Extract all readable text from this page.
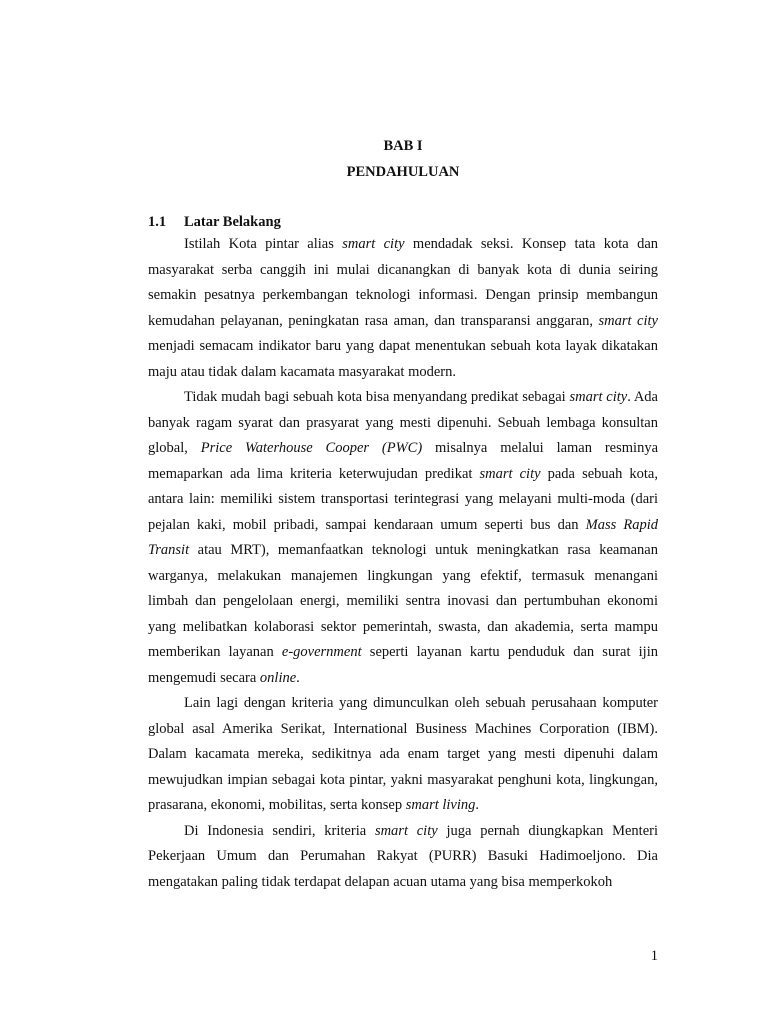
BAB I
PENDAHULUAN
1.1 Latar Belakang

Istilah Kota pintar alias smart city mendadak seksi. Konsep tata kota dan masyarakat serba canggih ini mulai dicanangkan di banyak kota di dunia seiring semakin pesatnya perkembangan teknologi informasi. Dengan prinsip membangun kemudahan pelayanan, peningkatan rasa aman, dan transparansi anggaran, smart city menjadi semacam indikator baru yang dapat menentukan sebuah kota layak dikatakan maju atau tidak dalam kacamata masyarakat modern.

Tidak mudah bagi sebuah kota bisa menyandang predikat sebagai smart city. Ada banyak ragam syarat dan prasyarat yang mesti dipenuhi. Sebuah lembaga konsultan global, Price Waterhouse Cooper (PWC) misalnya melalui laman resminya memaparkan ada lima kriteria keterwujudan predikat smart city pada sebuah kota, antara lain: memiliki sistem transportasi terintegrasi yang melayani multi-moda (dari pejalan kaki, mobil pribadi, sampai kendaraan umum seperti bus dan Mass Rapid Transit atau MRT), memanfaatkan teknologi untuk meningkatkan rasa keamanan warganya, melakukan manajemen lingkungan yang efektif, termasuk menangani limbah dan pengelolaan energi, memiliki sentra inovasi dan pertumbuhan ekonomi yang melibatkan kolaborasi sektor pemerintah, swasta, dan akademia, serta mampu memberikan layanan e-government seperti layanan kartu penduduk dan surat ijin mengemudi secara online.

Lain lagi dengan kriteria yang dimunculkan oleh sebuah perusahaan komputer global asal Amerika Serikat, International Business Machines Corporation (IBM). Dalam kacamata mereka, sedikitnya ada enam target yang mesti dipenuhi dalam mewujudkan impian sebagai kota pintar, yakni masyarakat penghuni kota, lingkungan, prasarana, ekonomi, mobilitas, serta konsep smart living.

Di Indonesia sendiri, kriteria smart city juga pernah diungkapkan Menteri Pekerjaan Umum dan Perumahan Rakyat (PURR) Basuki Hadimoeljono. Dia mengatakan paling tidak terdapat delapan acuan utama yang bisa memperkokoh

1
